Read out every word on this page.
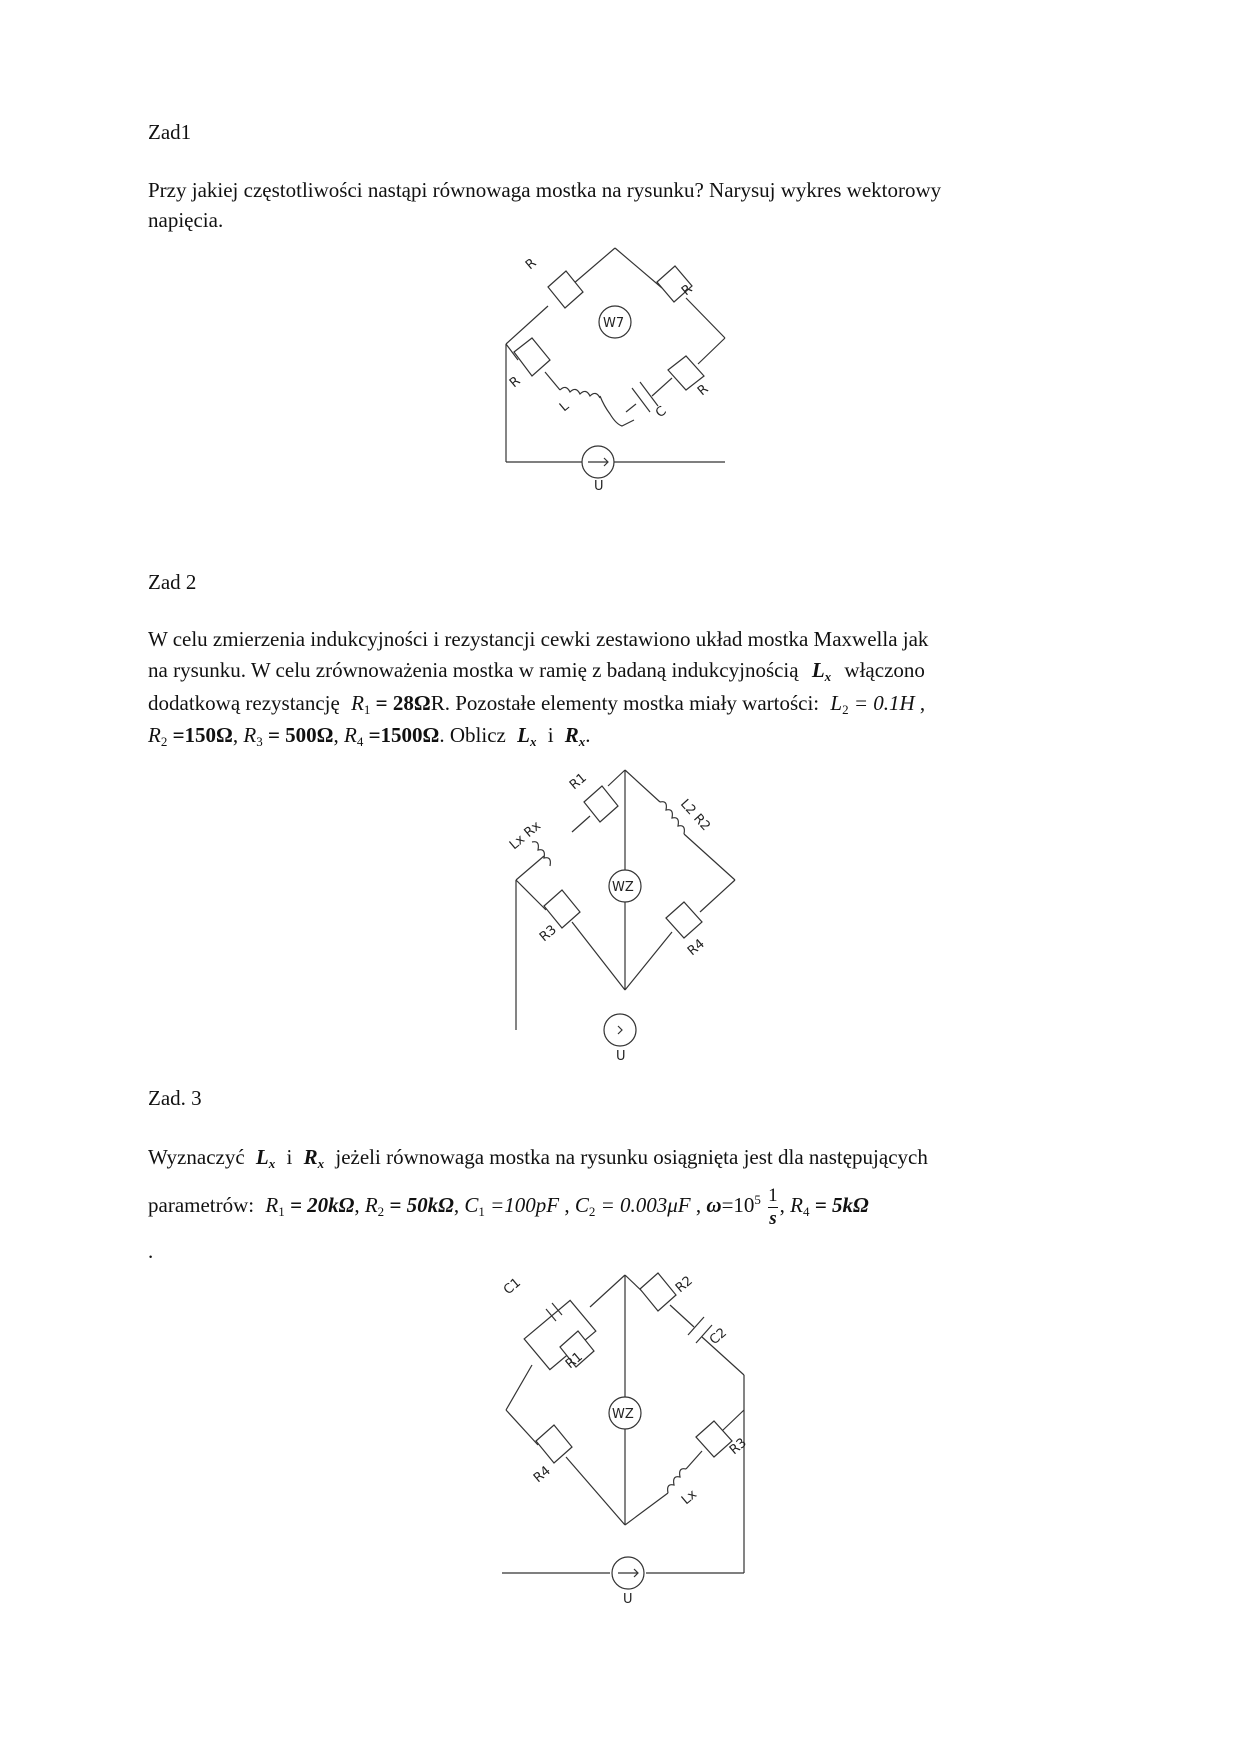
Zad1
Przy jakiej częstotliwości nastąpi równowaga mostka na rysunku? Narysuj wykres wektorowy
napięcia.
R
R
R	R
L	C
W7
U
Zad 2
W celu zmierzenia indukcyjności i rezystancji cewki zestawiono układ mostka Maxwella jak
na rysunku. W celu zrównoważenia mostka w ramię z badaną indukcyjnością $L_x$ włączono
dodatkową rezystancję $R_1 = 28\Omega R$. Pozostałe elementy mostka miały wartości: $L_2 = 0.1H$ ,
$R_2 =150\Omega$, $R_3 = 500\Omega$, $R_4 =1500\Omega$. Oblicz $L_x$ i $R_x$.
Lx Rx
R1
L2 R2
R3
R4
WZ
U
Zad. 3
Wyznaczyć $L_x$ i $R_x$ jeżeli równowaga mostka na rysunku osiągnięta jest dla następujących
parametrów: $R_1 = 20k\Omega$, $R_2 = 50k\Omega$, $C_1 =100pF$ , $C_2 = 0.003\mu F$ , $\omega=10^5 \frac{1}{s}$ , $R_4 = 5k\Omega$
.
C1
R1
R2
C2
R3
R4
Lx
WZ
U
